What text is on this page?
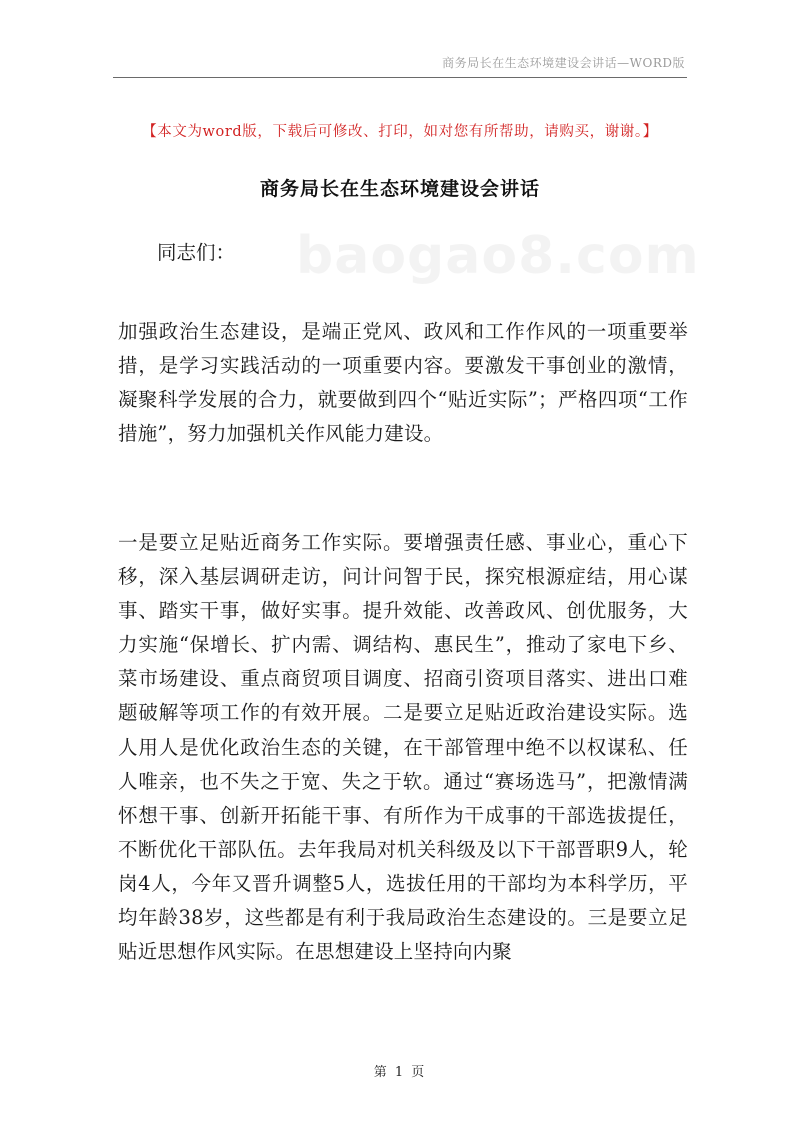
商务局长在生态环境建设会讲话—WORD版
【本文为word版，下载后可修改、打印，如对您有所帮助，请购买，谢谢。】
商务局长在生态环境建设会讲话

同志们：

加强政治生态建设，是端正党风、政风和工作作风的一项重要举措，是学习实践活动的一项重要内容。要激发干事创业的激情，凝聚科学发展的合力，就要做到四个“贴近实际”；严格四项“工作措施”，努力加强机关作风能力建设。

一是要立足贴近商务工作实际。要增强责任感、事业心，重心下移，深入基层调研走访，问计问智于民，探究根源症结，用心谋事、踏实干事，做好实事。提升效能、改善政风、创优服务，大力实施“保增长、扩内需、调结构、惠民生”，推动了家电下乡、菜市场建设、重点商贸项目调度、招商引资项目落实、进出口难题破解等项工作的有效开展。二是要立足贴近政治建设实际。选人用人是优化政治生态的关键，在干部管理中绝不以权谋私、任人唯亲，也不失之于宽、失之于软。通过“赛场选马”，把激情满怀想干事、创新开拓能干事、有所作为干成事的干部选拔提任，不断优化干部队伍。去年我局对机关科级及以下干部晋职9人，轮岗4人，今年又晋升调整5人，选拔任用的干部均为本科学历，平均年龄38岁，这些都是有利于我局政治生态建设的。三是要立足贴近思想作风实际。在思想建设上坚持向内聚

第 1 页
